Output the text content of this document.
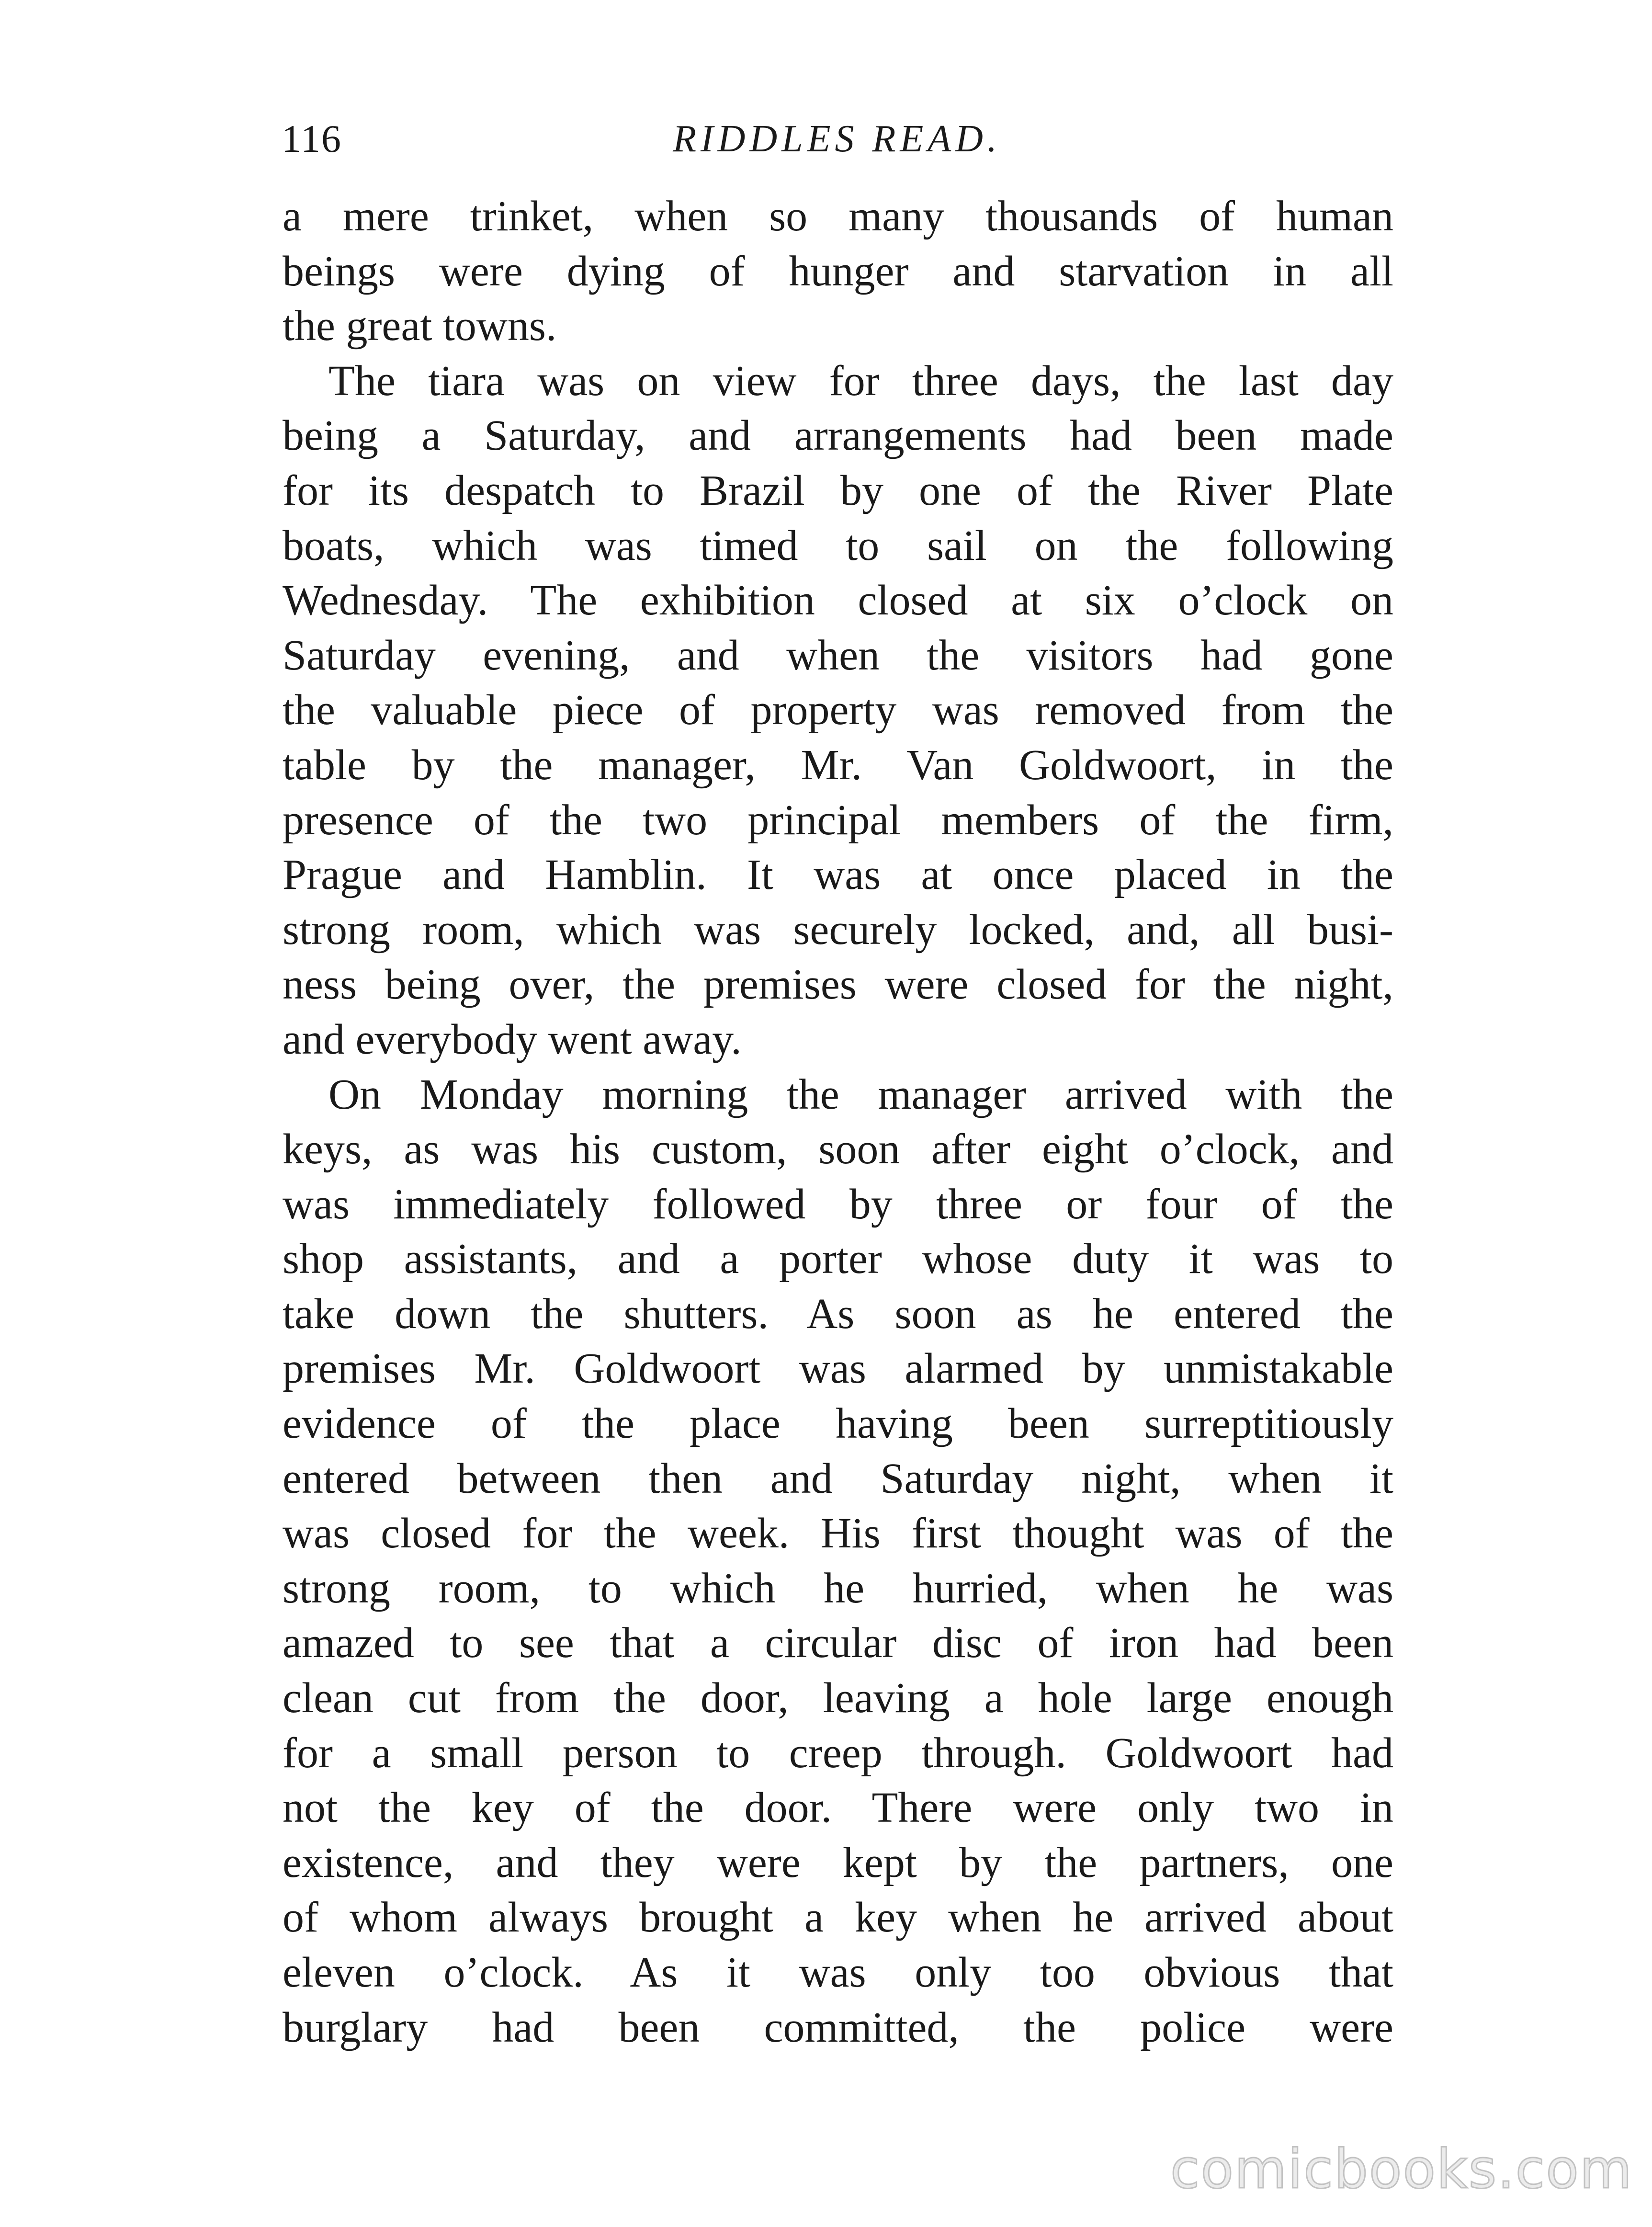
116	RIDDLES READ.
a mere trinket, when so many thousands of human
beings were dying of hunger and starvation in all
the great towns.
The tiara was on view for three days, the last day
being a Saturday, and arrangements had been made
for its despatch to Brazil by one of the River Plate
boats, which was timed to sail on the following
Wednesday. The exhibition closed at six o’clock on
Saturday evening, and when the visitors had gone
the valuable piece of property was removed from the
table by the manager, Mr. Van Goldwoort, in the
presence of the two principal members of the firm,
Prague and Hamblin. It was at once placed in the
strong room, which was securely locked, and, all busi-
ness being over, the premises were closed for the night,
and everybody went away.
On Monday morning the manager arrived with the
keys, as was his custom, soon after eight o’clock, and
was immediately followed by three or four of the
shop assistants, and a porter whose duty it was to
take down the shutters. As soon as he entered the
premises Mr. Goldwoort was alarmed by unmistakable
evidence of the place having been surreptitiously
entered between then and Saturday night, when it
was closed for the week. His first thought was of the
strong room, to which he hurried, when he was
amazed to see that a circular disc of iron had been
clean cut from the door, leaving a hole large enough
for a small person to creep through. Goldwoort had
not the key of the door. There were only two in
existence, and they were kept by the partners, one
of whom always brought a key when he arrived about
eleven o’clock. As it was only too obvious that
burglary had been committed, the police were
comicbooks.com
